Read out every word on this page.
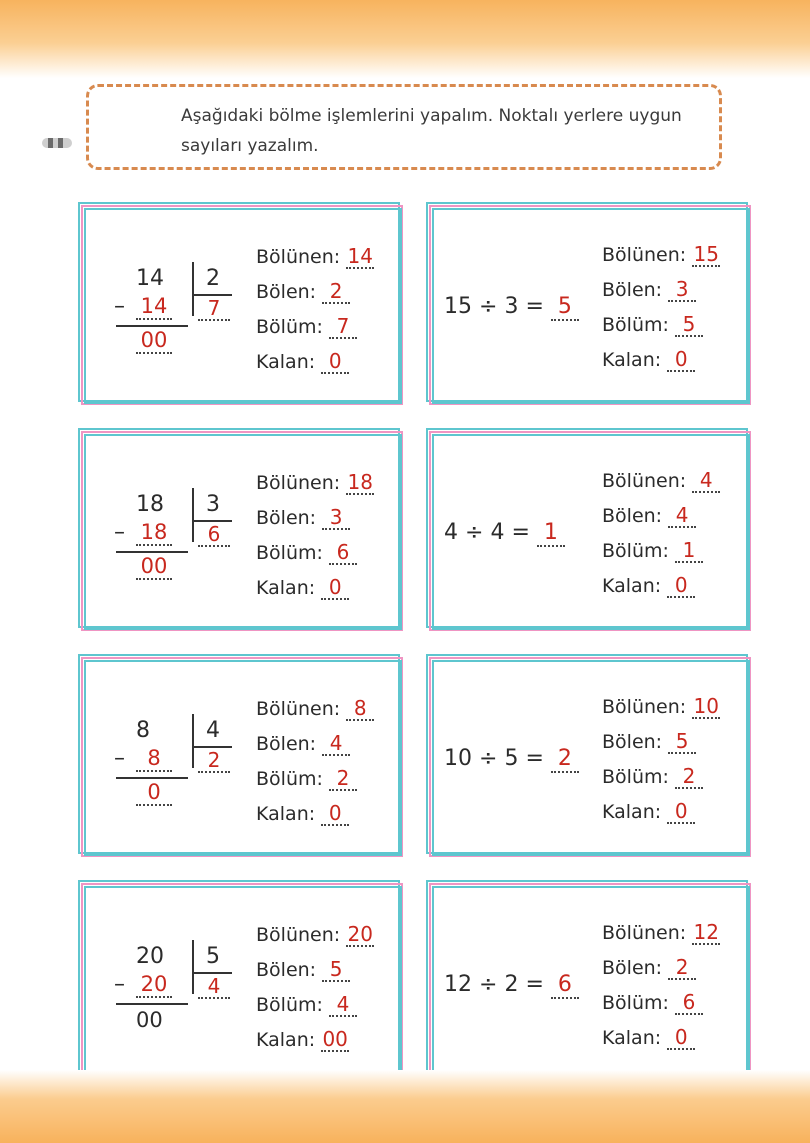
Aşağıdaki bölme işlemlerini yapalım. Noktalı yerlere uygun
sayıları yazalım.
14 2
– 14	7
00
Bölünen: 14
Bölen: 2
Bölüm: 7
Kalan: 0
18 3
– 18	6
00
Bölünen: 18
Bölen: 3
Bölüm: 6
Kalan: 0
8	4
–	8	2
0
Bölünen: 8
Bölen: 4
Bölüm: 2
Kalan: 0
20 5
– 20	4
00
Bölünen: 20
Bölen: 5
Bölüm: 4
Kalan: 00
15 ÷ 3 = 5
Bölünen: 15
Bölen: 3
Bölüm: 5
Kalan: 0
4 ÷ 4 = 1
Bölünen: 4
Bölen: 4
Bölüm: 1
Kalan: 0
10 ÷ 5 = 2
Bölünen: 10
Bölen: 5
Bölüm: 2
Kalan: 0
12 ÷ 2 = 6
Bölünen: 12
Bölen: 2
Bölüm: 6
Kalan: 0
